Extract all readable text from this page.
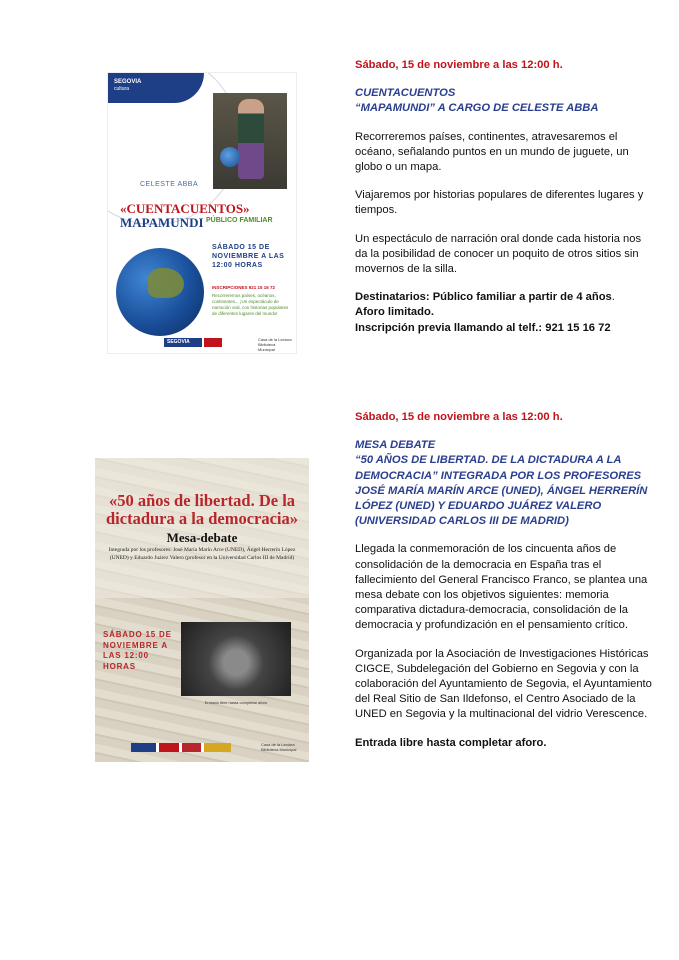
SEGOVIA
cultura
CELESTE ABBA
«CUENTACUENTOS»
MAPAMUNDI PÚBLICO FAMILIAR
SÁBADO 15 DE NOVIEMBRE A LAS 12:00 HORAS
INSCRIPCIONES 921 15 16 72
Recorreremos países, océanos, continentes... ¡Un espectáculo de narración oral, con historias populares de diferentes lugares del mundo!
SEGOVIA	Casa de la Lectura Biblioteca Municipal

Sábado, 15 de noviembre a las 12:00 h.

CUENTACUENTOS
“MAPAMUNDI” A CARGO DE CELESTE ABBA

Recorreremos países, continentes, atravesaremos el océano, señalando puntos en un mundo de juguete, un globo o un mapa.

Viajaremos por historias populares de diferentes lugares y tiempos.

Un espectáculo de narración oral donde cada historia nos da la posibilidad de conocer un poquito de otros sitios sin movernos de la silla.

Destinatarios: Público familiar a partir de 4 años.
Aforo limitado.
Inscripción previa llamando al telf.: 921 15 16 72

«50 años de libertad. De la dictadura a la democracia»
Mesa-debate
Integrada por los profesores: José María Marín Arce (UNED), Ángel Herrerín López (UNED) y Eduardo Juárez Valero (profesor en la Universidad Carlos III de Madrid)
SÁBADO 15 DE NOVIEMBRE A LAS 12:00 HORAS
Entrada libre hasta completar aforo
Casa de la Lectura Biblioteca Municipal

Sábado, 15 de noviembre a las 12:00 h.

MESA DEBATE
“50 AÑOS DE LIBERTAD. DE LA DICTADURA A LA DEMOCRACIA” INTEGRADA POR LOS PROFESORES JOSÉ MARÍA MARÍN ARCE (UNED), ÁNGEL HERRERÍN LÓPEZ (UNED) Y EDUARDO JUÁREZ VALERO (UNIVERSIDAD CARLOS III DE MADRID)

Llegada la conmemoración de los cincuenta años de consolidación de la democracia en España tras el fallecimiento del General Francisco Franco, se plantea una mesa debate con los objetivos siguientes: memoria comparativa dictadura-democracia, consolidación de la democracia y profundización en el pensamiento crítico.

Organizada por la Asociación de Investigaciones Históricas CIGCE, Subdelegación del Gobierno en Segovia y con la colaboración del Ayuntamiento de Segovia, el Ayuntamiento del Real Sitio de San Ildefonso, el Centro Asociado de la UNED en Segovia y la multinacional del vidrio Verescence.

Entrada libre hasta completar aforo.
